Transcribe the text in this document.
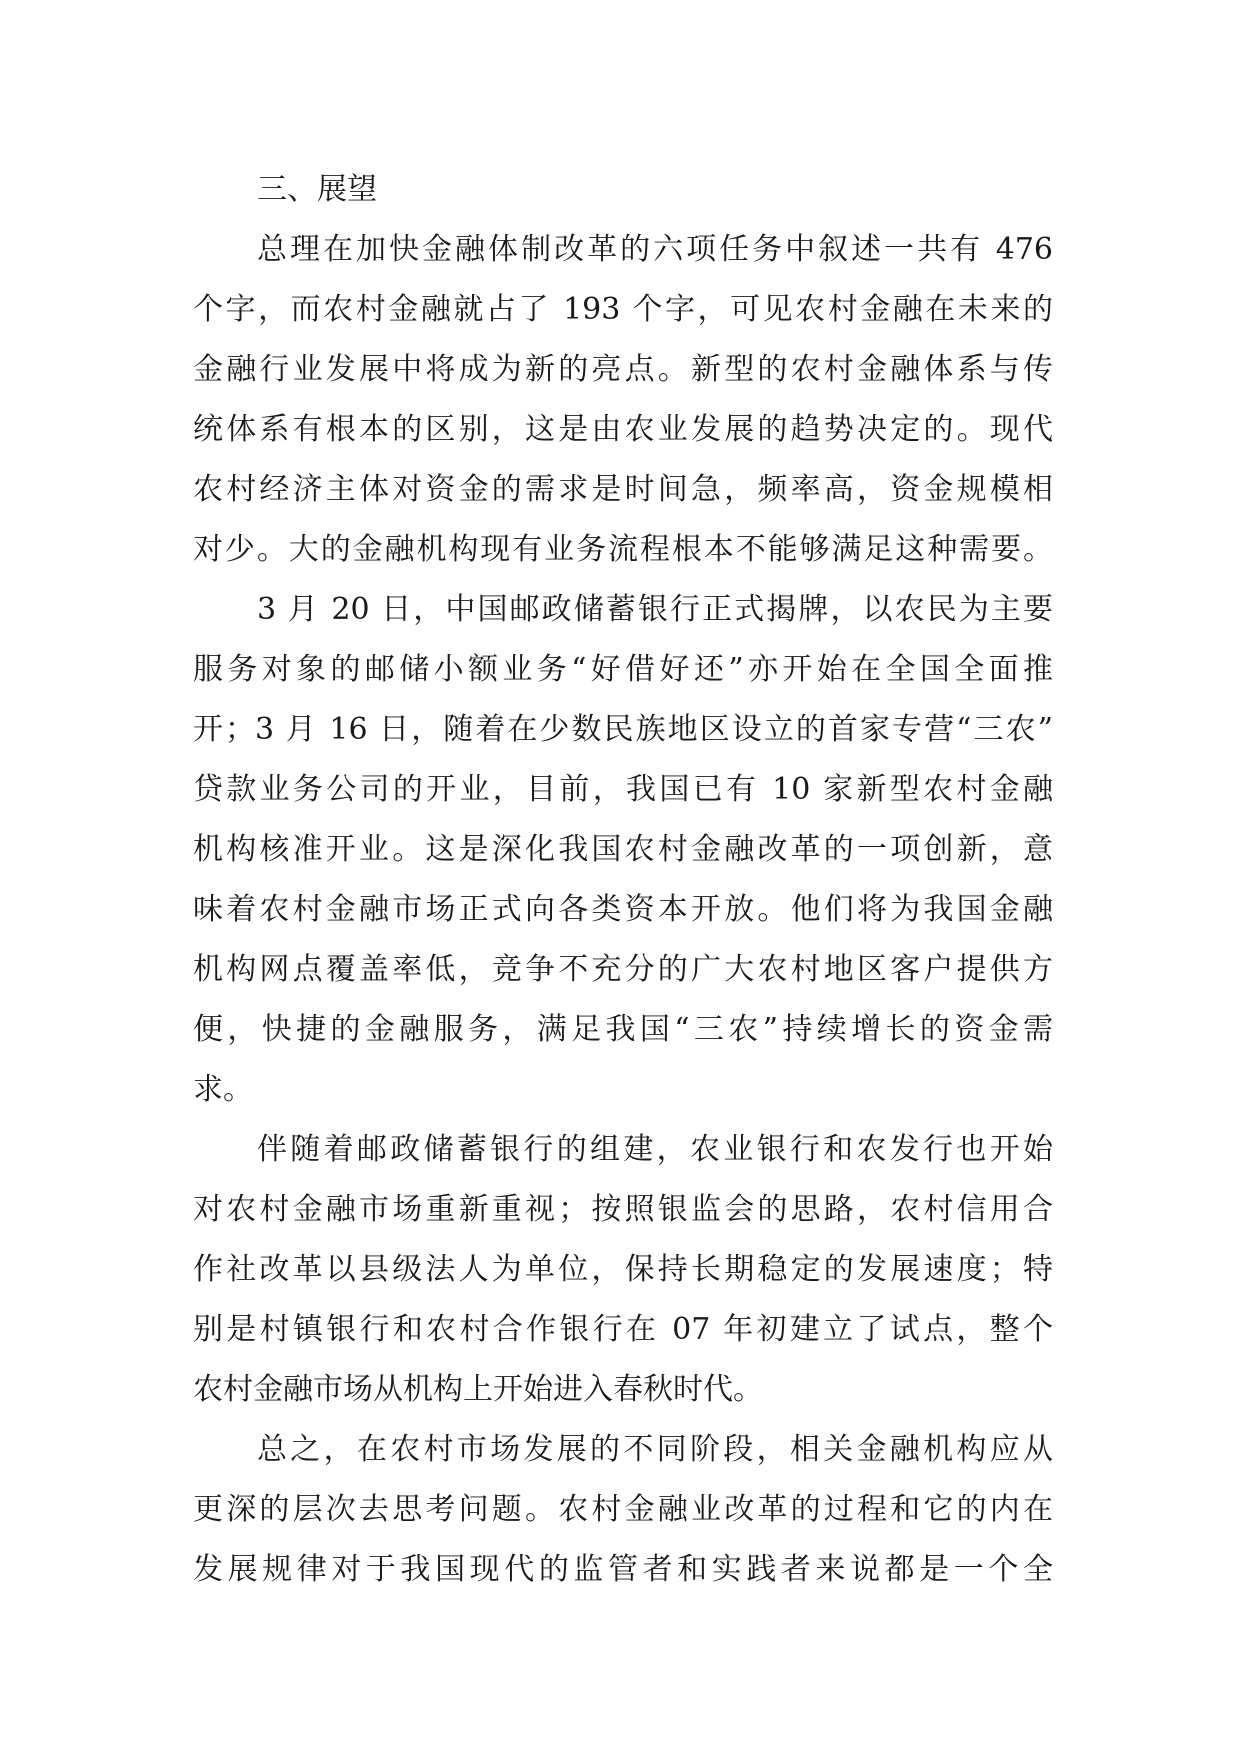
三、展望
总理在加快金融体制改革的六项任务中叙述一共有 476
个字，而农村金融就占了 193 个字，可见农村金融在未来的
金融行业发展中将成为新的亮点。新型的农村金融体系与传
统体系有根本的区别，这是由农业发展的趋势决定的。现代
农村经济主体对资金的需求是时间急，频率高，资金规模相
对少。大的金融机构现有业务流程根本不能够满足这种需要。
3 月 20 日，中国邮政储蓄银行正式揭牌，以农民为主要
服务对象的邮储小额业务“好借好还”亦开始在全国全面推
开；3 月 16 日，随着在少数民族地区设立的首家专营“三农”
贷款业务公司的开业，目前，我国已有 10 家新型农村金融
机构核准开业。这是深化我国农村金融改革的一项创新，意
味着农村金融市场正式向各类资本开放。他们将为我国金融
机构网点覆盖率低，竞争不充分的广大农村地区客户提供方
便，快捷的金融服务，满足我国“三农”持续增长的资金需
求。
伴随着邮政储蓄银行的组建，农业银行和农发行也开始
对农村金融市场重新重视；按照银监会的思路，农村信用合
作社改革以县级法人为单位，保持长期稳定的发展速度；特
别是村镇银行和农村合作银行在 07 年初建立了试点，整个
农村金融市场从机构上开始进入春秋时代。
总之，在农村市场发展的不同阶段，相关金融机构应从
更深的层次去思考问题。农村金融业改革的过程和它的内在
发展规律对于我国现代的监管者和实践者来说都是一个全
